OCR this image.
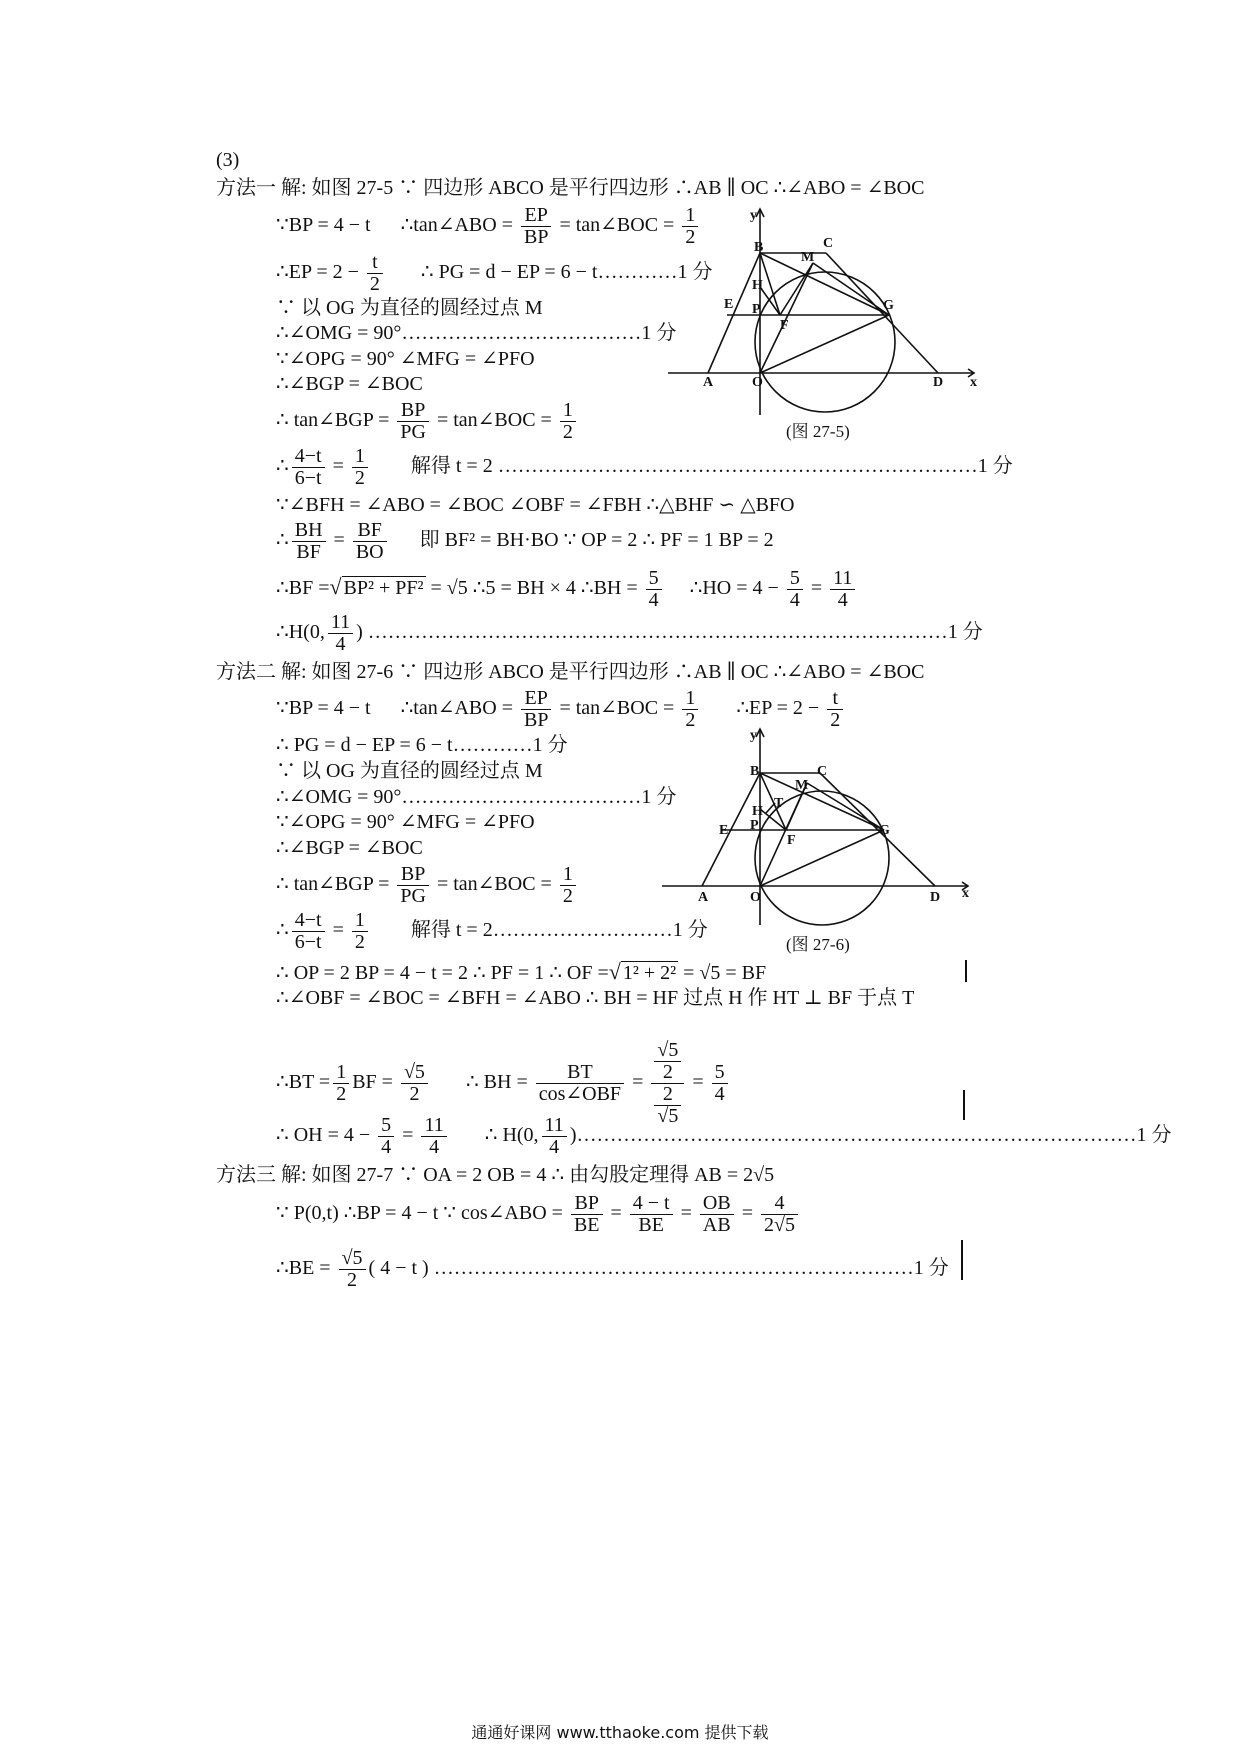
(3)
方法一 解: 如图 27-5 ∵ 四边形 ABCO 是平行四边形 ∴AB ∥ OC ∴∠ABO = ∠BOC
∵BP = 4 − t ∴tan∠ABO = $\frac{EP}{BP}$ = tan∠BOC = $\frac{1}{2}$
∴EP = $2 - \frac{t}{2}$ ∴ PG = d − EP = 6 − t…………1 分
∵ 以 OG 为直径的圆经过点 M
∴∠OMG = 90°………………………………1 分
∵∠OPG = 90° ∠MFG = ∠PFO
∴∠BGP = ∠BOC
∴ tan∠BGP = $\frac{BP}{PG}$ = tan∠BOC = $\frac{1}{2}$
∴ $\frac{4-t}{6-t} = \frac{1}{2}$ 解得 t = 2 ………………………………………………………………1 分
∵∠BFH = ∠ABO = ∠BOC ∠OBF = ∠FBH ∴△BHF ∽ △BFO
∴ $\frac{BH}{BF} = \frac{BF}{BO}$ 即 BF² = BH·BO ∵ OP = 2 ∴ PF = 1 BP = 2
∴BF =√ BP² + PF² = √5 ∴5 = BH × 4 ∴BH = $\frac{5}{4}$ ∴HO = $4 - \frac{5}{4} = \frac{11}{4}$
∴H(0, $\frac{11}{4}$ ) ……………………………………………………………………………1 分
y
B	C
M
H
P
E
F
G
A	O	D x
(图 27-5)
方法二 解: 如图 27-6 ∵ 四边形 ABCO 是平行四边形 ∴AB ∥ OC ∴∠ABO = ∠BOC
∵BP = 4 − t ∴tan∠ABO = $\frac{EP}{BP}$ = tan∠BOC = $\frac{1}{2}$ ∴EP = $2 - \frac{t}{2}$
∴ PG = d − EP = 6 − t…………1 分
∵ 以 OG 为直径的圆经过点 M
∴∠OMG = 90°………………………………1 分
∵∠OPG = 90° ∠MFG = ∠PFO
∴∠BGP = ∠BOC
∴ tan∠BGP = $\frac{BP}{PG}$ = tan∠BOC = $\frac{1}{2}$
∴ $\frac{4-t}{6-t} = \frac{1}{2}$ 解得 t = 2………………………1 分
∴ OP = 2 BP = 4 − t = 2 ∴ PF = 1 ∴ OF =√ 1² + 2² = √5 = BF
∴∠OBF = ∠BOC = ∠BFH = ∠ABO ∴ BH = HF 过点 H 作 HT ⊥ BF 于点 T
∴BT = $\frac{1}{2}$ BF = $\frac{√5}{2}$ ∴ BH = $\frac{BT}{\text{cos∠OBF}} = \frac{\frac{√5}{2}}{\frac{2}{√5}} = \frac{5}{4}$
∴ OH = $4 - \frac{5}{4} = \frac{11}{4}$ ∴ H(0, $\frac{11}{4}$ )…………………………………………………………………………1 分
y
B	C
M
T
H
P
E
F
G
A	O	D x
(图 27-6)
方法三 解: 如图 27-7 ∵ OA = 2 OB = 4 ∴ 由勾股定理得 AB = 2√5
∵ P(0,t) ∴BP = 4 − t ∵ cos∠ABO = $\frac{BP}{BE} = \frac{4 - t}{BE} = \frac{OB}{AB} = \frac{4}{2√5}$
∴BE = $\frac{√5}{2}$ ( 4 − t ) ………………………………………………………………1 分
通通好课网 www.tthaoke.com 提供下载
